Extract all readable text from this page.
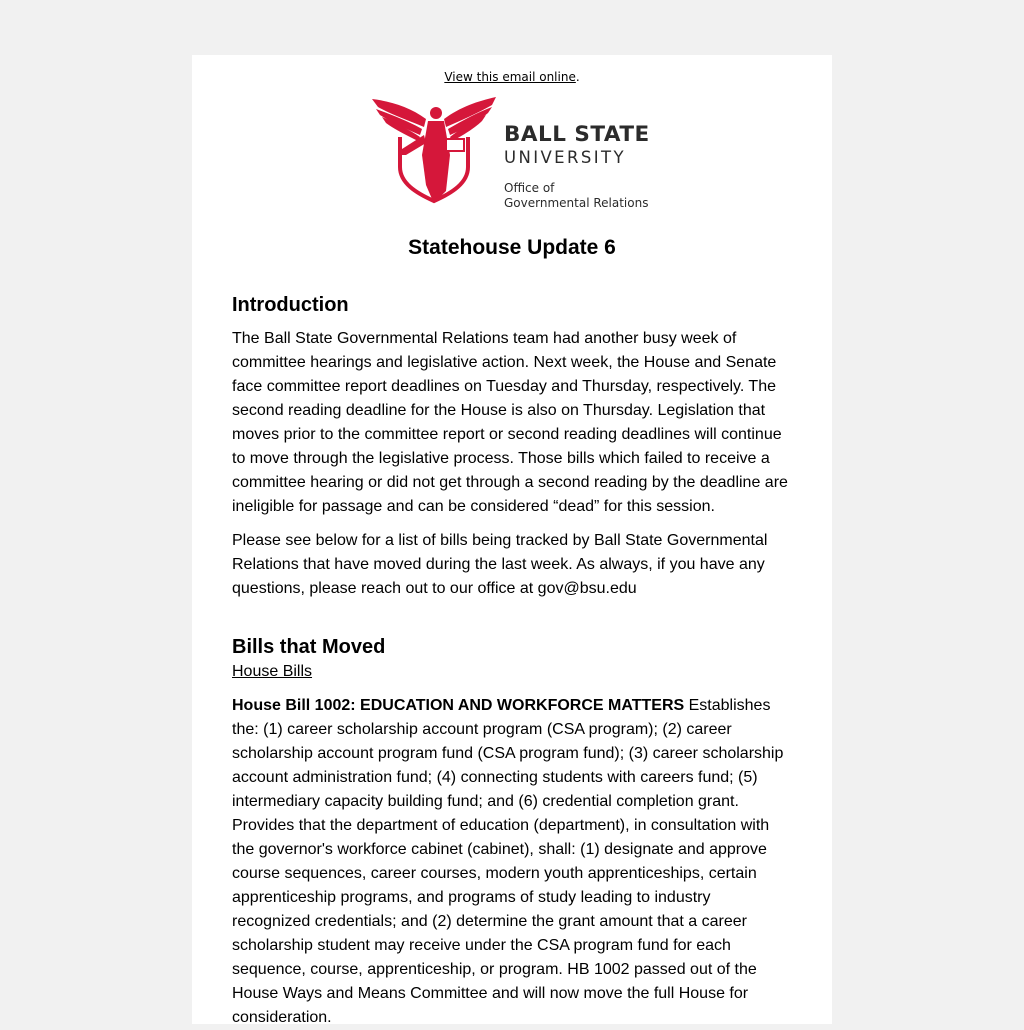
View this email online.
BALL STATE
UNIVERSITY
Office of
Governmental Relations
Statehouse Update 6
Introduction

The Ball State Governmental Relations team had another busy week of committee hearings and legislative action. Next week, the House and Senate face committee report deadlines on Tuesday and Thursday, respectively. The second reading deadline for the House is also on Thursday. Legislation that moves prior to the committee report or second reading deadlines will continue to move through the legislative process. Those bills which failed to receive a committee hearing or did not get through a second reading by the deadline are ineligible for passage and can be considered “dead” for this session.

Please see below for a list of bills being tracked by Ball State Governmental Relations that have moved during the last week. As always, if you have any questions, please reach out to our office at gov@bsu.edu

Bills that Moved
House Bills

House Bill 1002: EDUCATION AND WORKFORCE MATTERS Establishes the: (1) career scholarship account program (CSA program); (2) career scholarship account program fund (CSA program fund); (3) career scholarship account administration fund; (4) connecting students with careers fund; (5) intermediary capacity building fund; and (6) credential completion grant. Provides that the department of education (department), in consultation with the governor's workforce cabinet (cabinet), shall: (1) designate and approve course sequences, career courses, modern youth apprenticeships, certain apprenticeship programs, and programs of study leading to industry recognized credentials; and (2) determine the grant amount that a career scholarship student may receive under the CSA program fund for each sequence, course, apprenticeship, or program. HB 1002 passed out of the House Ways and Means Committee and will now move the full House for consideration.
